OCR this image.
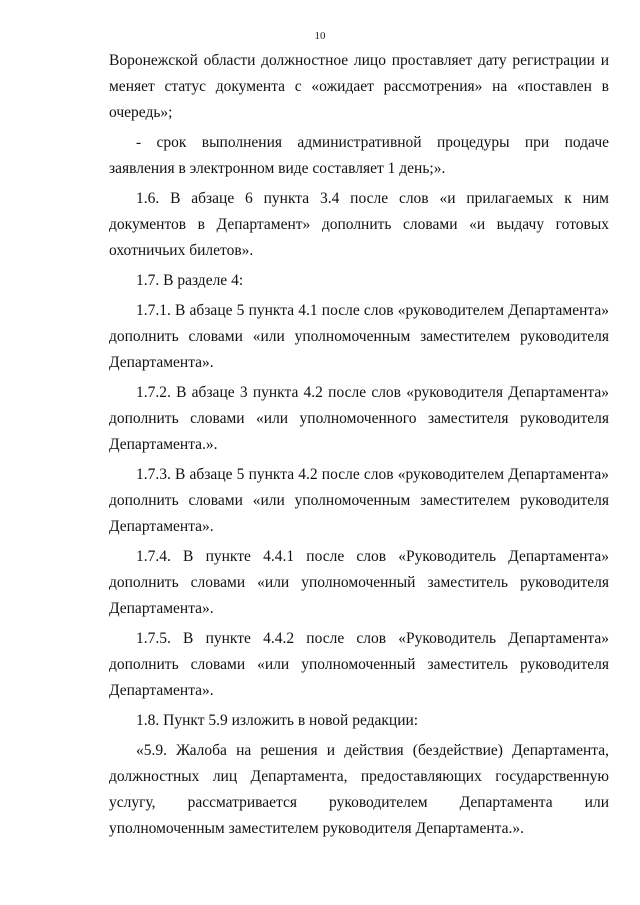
10

Воронежской области должностное лицо проставляет дату регистрации и меняет статус документа с «ожидает рассмотрения» на «поставлен в очередь»;

- срок выполнения административной процедуры при подаче заявления в электронном виде составляет 1 день;».

1.6. В абзаце 6 пункта 3.4 после слов «и прилагаемых к ним документов в Департамент» дополнить словами «и выдачу готовых охотничьих билетов».

1.7. В разделе 4:

1.7.1. В абзаце 5 пункта 4.1 после слов «руководителем Департамента» дополнить словами «или уполномоченным заместителем руководителя Департамента».

1.7.2. В абзаце 3 пункта 4.2 после слов «руководителя Департамента» дополнить словами «или уполномоченного заместителя руководителя Департамента.».

1.7.3. В абзаце 5 пункта 4.2 после слов «руководителем Департамента» дополнить словами «или уполномоченным заместителем руководителя Департамента».

1.7.4. В пункте 4.4.1 после слов «Руководитель Департамента» дополнить словами «или уполномоченный заместитель руководителя Департамента».

1.7.5. В пункте 4.4.2 после слов «Руководитель Департамента» дополнить словами «или уполномоченный заместитель руководителя Департамента».

1.8. Пункт 5.9 изложить в новой редакции:

«5.9. Жалоба на решения и действия (бездействие) Департамента, должностных лиц Департамента, предоставляющих государственную услугу, рассматривается руководителем Департамента или уполномоченным заместителем руководителя Департамента.».
